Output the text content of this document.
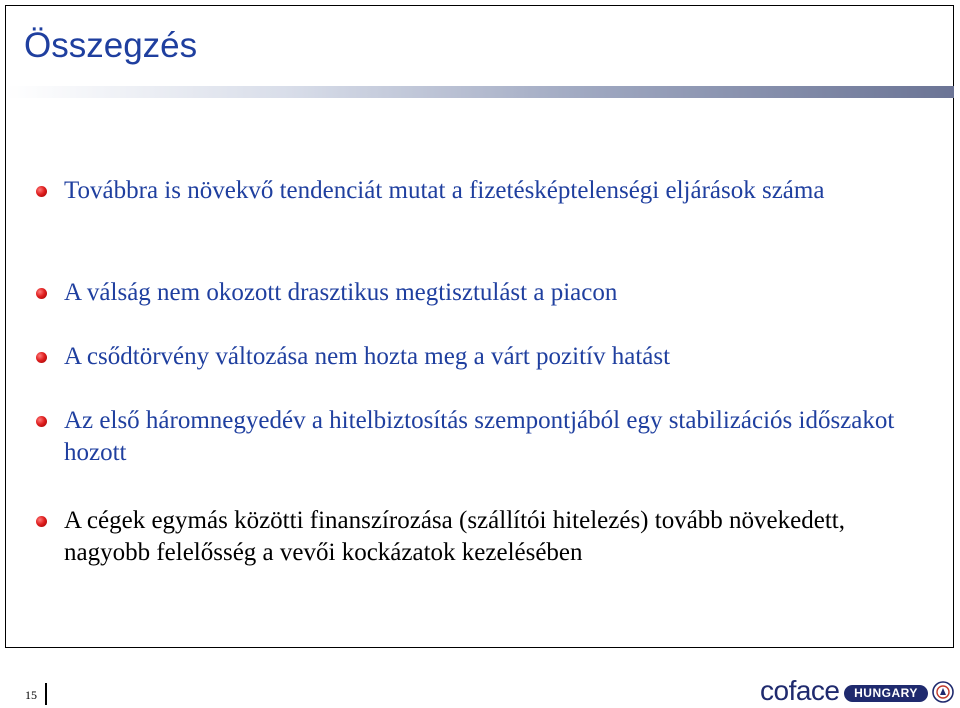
Összegzés
Továbbra is növekvő tendenciát mutat a fizetésképtelenségi eljárások száma
A válság nem okozott drasztikus megtisztulást a piacon
A csődtörvény változása nem hozta meg a várt pozitív hatást
Az első háromnegyedév a hitelbiztosítás szempontjából egy stabilizációs időszakot hozott
A cégek egymás közötti finanszírozása (szállítói hitelezés) tovább növekedett, nagyobb felelősség a vevői kockázatok kezelésében
15	coface	HUNGARY
